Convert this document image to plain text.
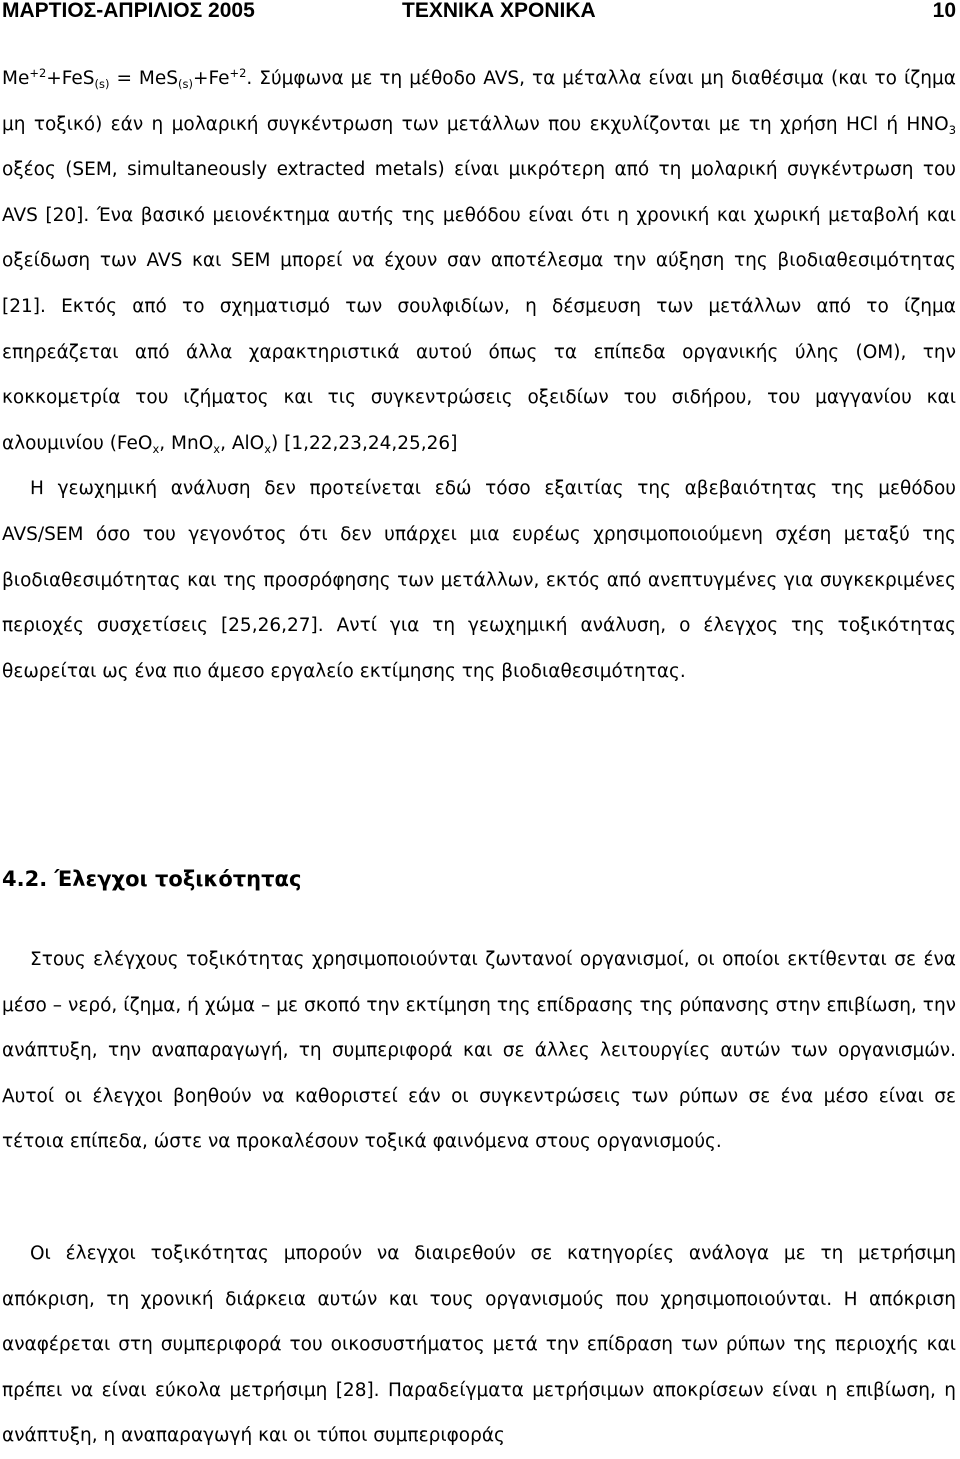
ΜΑΡΤΙΟΣ-ΑΠΡΙΛΙΟΣ 2005	ΤΕΧΝΙΚΑ ΧΡΟΝΙΚΑ	10

$Me^{+2}+FeS_{(s)} = MeS_{(s)}+Fe^{+2}$. Σύμφωνα με τη μέθοδο AVS, τα μέταλλα είναι μη διαθέσιμα (και το ίζημα μη τοξικό) εάν η μολαρική συγκέντρωση των μετάλλων που εκχυλίζονται με τη χρήση HCl ή $HNO_3$ οξέος (SEM, simultaneously extracted metals) είναι μικρότερη από τη μολαρική συγκέντρωση του AVS [20]. Ένα βασικό μειονέκτημα αυτής της μεθόδου είναι ότι η χρονική και χωρική μεταβολή και οξείδωση των AVS και SEM μπορεί να έχουν σαν αποτέλεσμα την αύξηση της βιοδιαθεσιμότητας [21]. Εκτός από το σχηματισμό των σουλφιδίων, η δέσμευση των μετάλλων από το ίζημα επηρεάζεται από άλλα χαρακτηριστικά αυτού όπως τα επίπεδα οργανικής ύλης (OM), την κοκκομετρία του ιζήματος και τις συγκεντρώσεις οξειδίων του σιδήρου, του μαγγανίου και αλουμινίου (FeO$_x$, MnO$_x$, AlO$_x$) [1,22,23,24,25,26]

Η γεωχημική ανάλυση δεν προτείνεται εδώ τόσο εξαιτίας της αβεβαιότητας της μεθόδου AVS/SEM όσο του γεγονότος ότι δεν υπάρχει μια ευρέως χρησιμοποιούμενη σχέση μεταξύ της βιοδιαθεσιμότητας και της προσρόφησης των μετάλλων, εκτός από ανεπτυγμένες για συγκεκριμένες περιοχές συσχετίσεις [25,26,27]. Αντί για τη γεωχημική ανάλυση, ο έλεγχος της τοξικότητας θεωρείται ως ένα πιο άμεσο εργαλείο εκτίμησης της βιοδιαθεσιμότητας.

4.2. Έλεγχοι τοξικότητας

Στους ελέγχους τοξικότητας χρησιμοποιούνται ζωντανοί οργανισμοί, οι οποίοι εκτίθενται σε ένα μέσο – νερό, ίζημα, ή χώμα – με σκοπό την εκτίμηση της επίδρασης της ρύπανσης στην επιβίωση, την ανάπτυξη, την αναπαραγωγή, τη συμπεριφορά και σε άλλες λειτουργίες αυτών των οργανισμών. Αυτοί οι έλεγχοι βοηθούν να καθοριστεί εάν οι συγκεντρώσεις των ρύπων σε ένα μέσο είναι σε τέτοια επίπεδα, ώστε να προκαλέσουν τοξικά φαινόμενα στους οργανισμούς.

Οι έλεγχοι τοξικότητας μπορούν να διαιρεθούν σε κατηγορίες ανάλογα με τη μετρήσιμη απόκριση, τη χρονική διάρκεια αυτών και τους οργανισμούς που χρησιμοποιούνται. Η απόκριση αναφέρεται στη συμπεριφορά του οικοσυστήματος μετά την επίδραση των ρύπων της περιοχής και πρέπει να είναι εύκολα μετρήσιμη [28]. Παραδείγματα μετρήσιμων αποκρίσεων είναι η επιβίωση, η ανάπτυξη, η αναπαραγωγή και οι τύποι συμπεριφοράς
